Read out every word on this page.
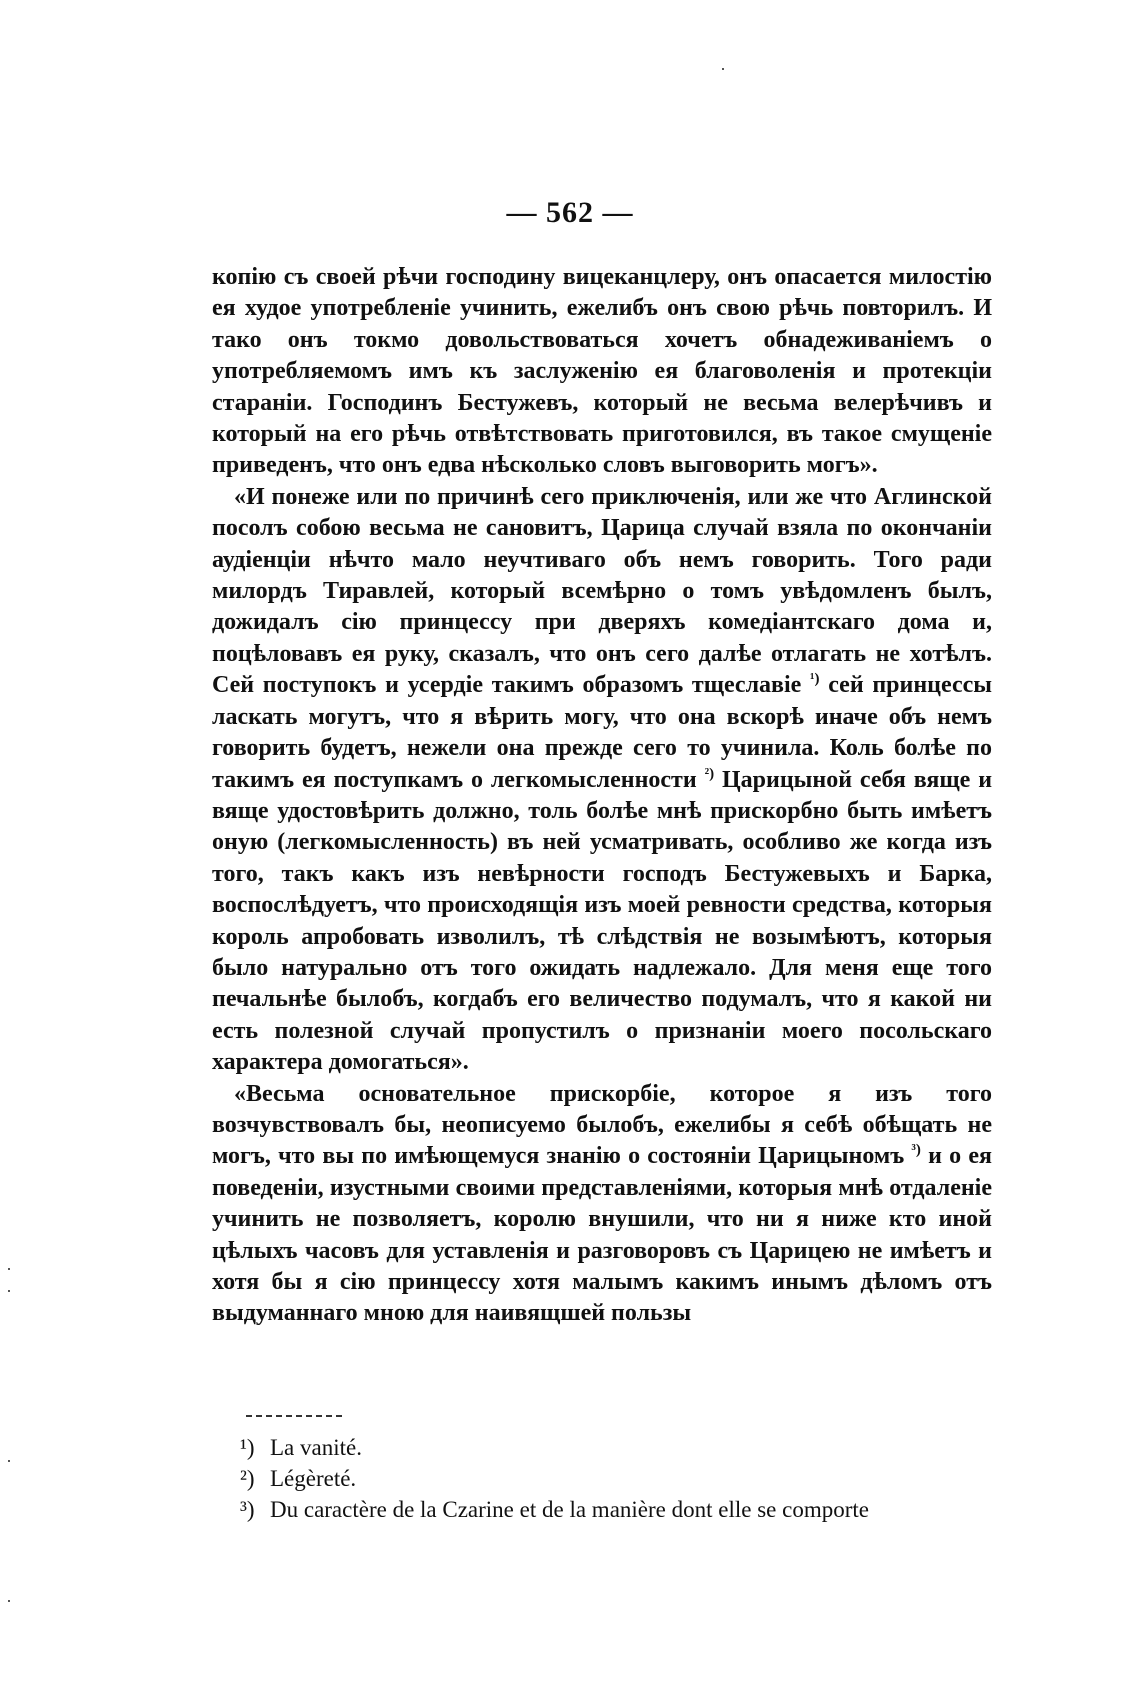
— 562 —

копію съ своей рѣчи господину вицеканцлеру, онъ опасается милостію ея худое употребленіе учинить, ежелибъ онъ свою рѣчь повторилъ. И тако онъ токмо довольствоваться хочетъ обнадеживаніемъ о употребляемомъ имъ къ заслуженію ея благоволенія и протекціи стараніи. Господинъ Бестужевъ, который не весьма велерѣчивъ и который на его рѣчь отвѣтствовать приготовился, въ такое смущеніе приведенъ, что онъ едва нѣсколько словъ выговорить могъ».

«И понеже или по причинѣ сего приключенія, или же что Аглинской посолъ собою весьма не сановитъ, Царица случай взяла по окончаніи аудіенціи нѣчто мало неучтиваго объ немъ говорить. Того ради милордъ Тиравлей, который всемѣрно о томъ увѣдомленъ былъ, дожидалъ сію принцессу при дверяхъ комедіантскаго дома и, поцѣловавъ ея руку, сказалъ, что онъ сего далѣе отлагать не хотѣлъ. Сей поступокъ и усердіе такимъ образомъ тщеславіе $^{^1)}$ сей принцессы ласкать могутъ, что я вѣрить могу, что она вскорѣ иначе объ немъ говорить будетъ, нежели она прежде сего то учинила. Коль болѣе по такимъ ея поступкамъ о легкомысленности $^{^2)}$ Царицыной себя вяще и вяще удостовѣрить должно, толь болѣе мнѣ прискорбно быть имѣетъ оную (легкомысленность) въ ней усматривать, особливо же когда изъ того, такъ какъ изъ невѣрности господъ Бестужевыхъ и Барка, воспослѣдуетъ, что происходящія изъ моей ревности средства, которыя король апробовать изволилъ, тѣ слѣдствія не возымѣютъ, которыя было натурально отъ того ожидать надлежало. Для меня еще того печальнѣе былобъ, когдабъ его величество подумалъ, что я какой ни есть полезной случай пропустилъ о признаніи моего посольскаго характера домогаться».

«Весьма основательное прискорбіе, которое я изъ того возчувствовалъ бы, неописуемо былобъ, ежелибы я себѣ обѣщать не могъ, что вы по имѣющемуся знанію о состояніи Царицыномъ $^{^3)}$ и о ея поведеніи, изустными своими представленіями, которыя мнѣ отдаленіе учинить не позволяетъ, королю внушили, что ни я ниже кто иной цѣлыхъ часовъ для уставленія и разговоровъ съ Царицею не имѣетъ и хотя бы я сію принцессу хотя малымъ какимъ инымъ дѣломъ отъ выдуманнаго мною для наивящшей пользы

¹) La vanité.
²) Légèreté.
³) Du caractère de la Czarine et de la manière dont elle se comporte
